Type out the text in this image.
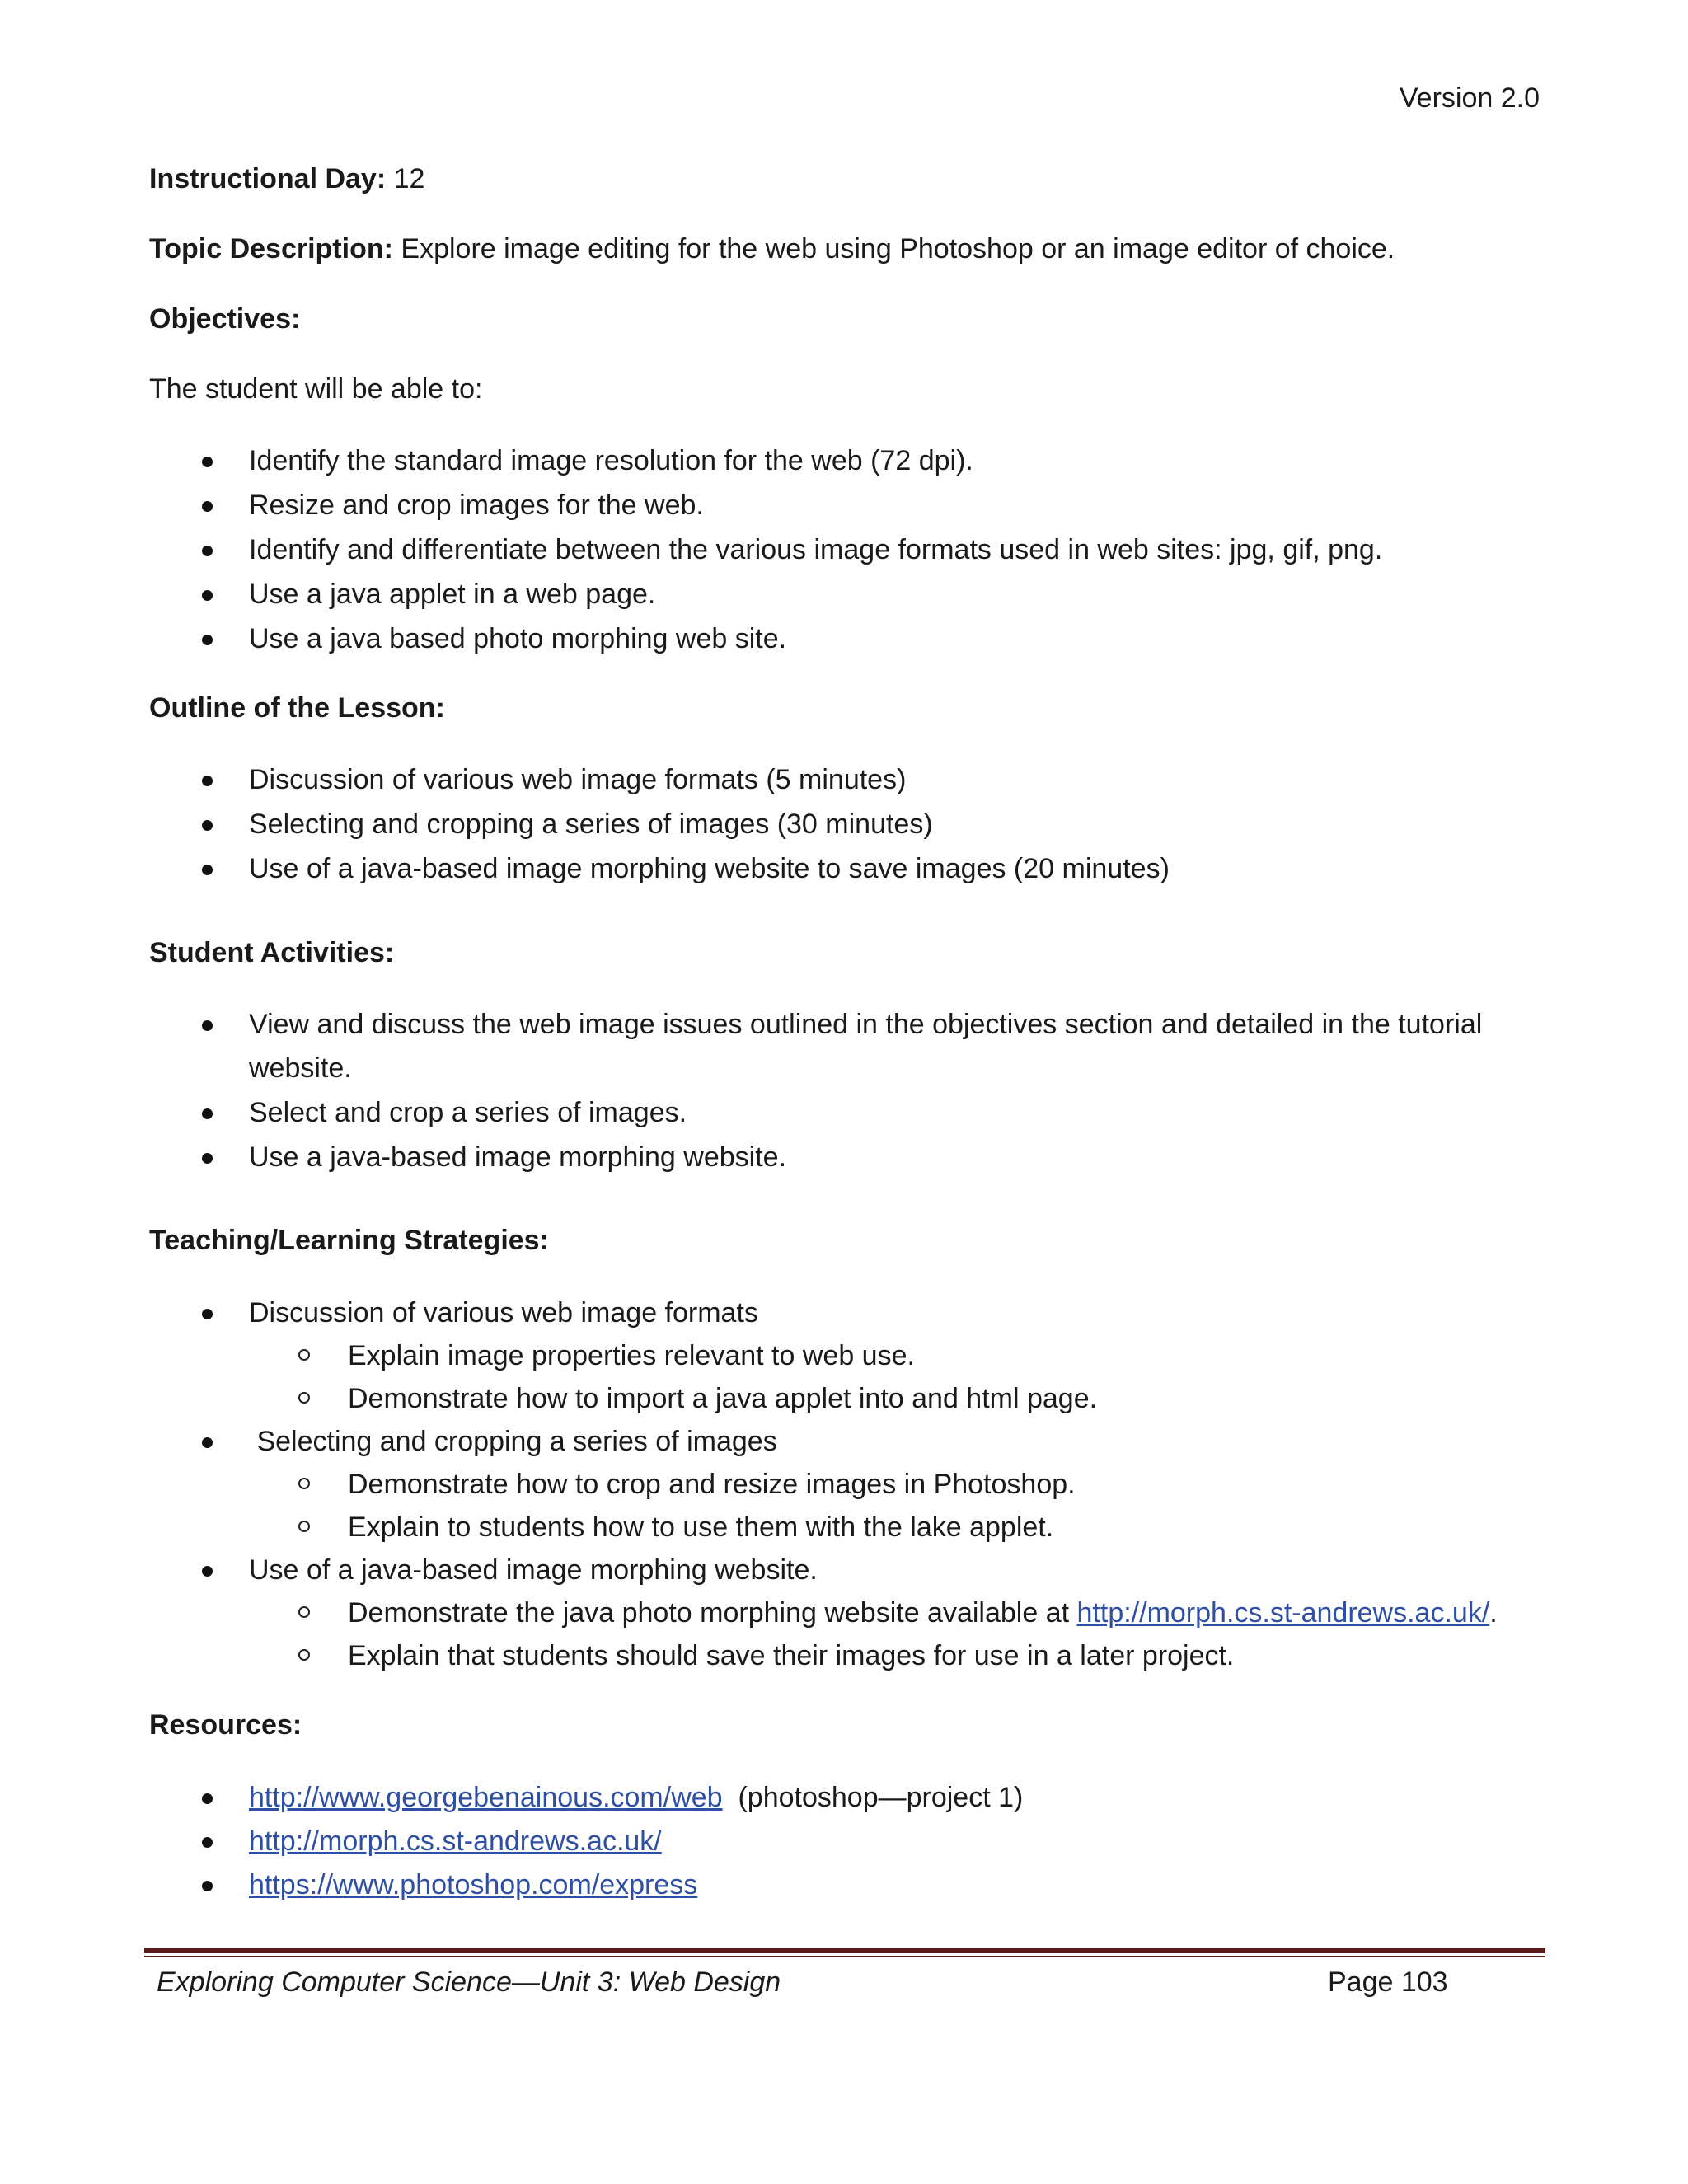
Version 2.0
Instructional Day: 12
Topic Description: Explore image editing for the web using Photoshop or an image editor of choice.
Objectives:
The student will be able to:
Identify the standard image resolution for the web (72 dpi).
Resize and crop images for the web.
Identify and differentiate between the various image formats used in web sites: jpg, gif, png.
Use a java applet in a web page.
Use a java based photo morphing web site.
Outline of the Lesson:
Discussion of various web image formats (5 minutes)
Selecting and cropping a series of images (30 minutes)
Use of a java-based image morphing website to save images (20 minutes)
Student Activities:
View and discuss the web image issues outlined in the objectives section and detailed in the tutorial
website.
Select and crop a series of images.
Use a java-based image morphing website.
Teaching/Learning Strategies:
Discussion of various web image formats
Explain image properties relevant to web use.
Demonstrate how to import a java applet into and html page.
Selecting and cropping a series of images
Demonstrate how to crop and resize images in Photoshop.
Explain to students how to use them with the lake applet.
Use of a java-based image morphing website.
Demonstrate the java photo morphing website available at http://morph.cs.st-andrews.ac.uk/.
Explain that students should save their images for use in a later project.
Resources:
http://www.georgebenainous.com/web  (photoshop—project 1)
http://morph.cs.st-andrews.ac.uk/
https://www.photoshop.com/express
Exploring Computer Science—Unit 3: Web Design	Page 103
